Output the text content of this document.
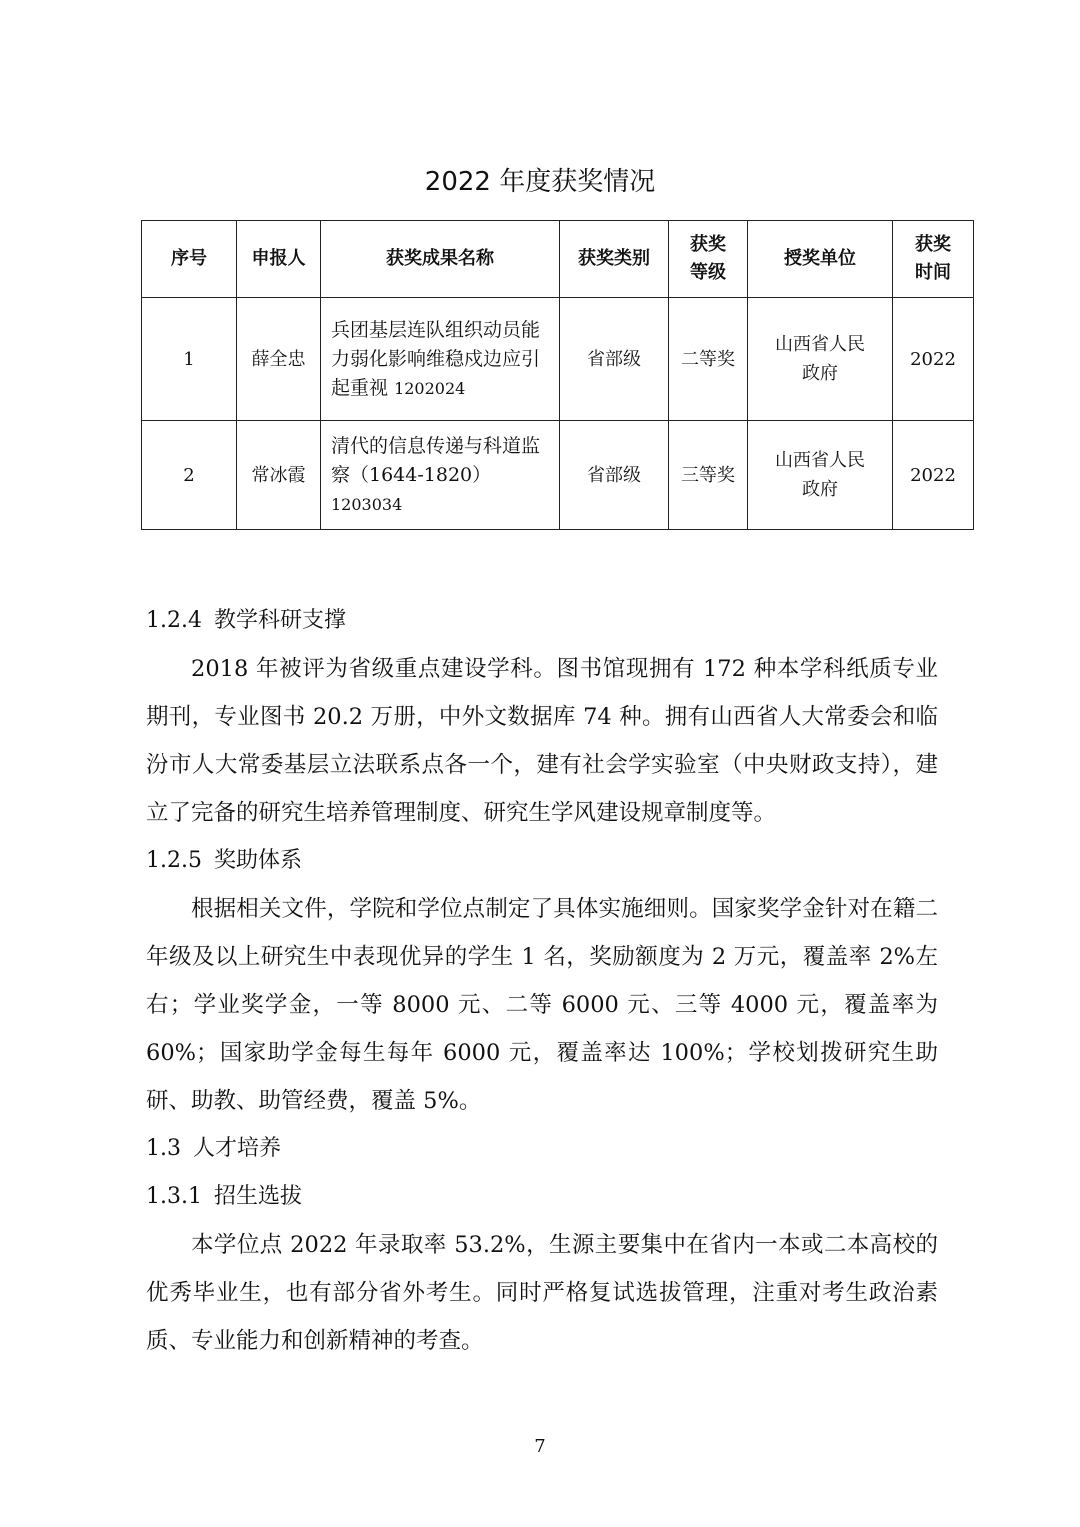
2022 年度获奖情况
序号	申报人	获奖成果名称	获奖类别	获奖等级	授奖单位	获奖时间
1	薛全忠	兵团基层连队组织动员能力弱化影响维稳戍边应引起重视 1202024	省部级	二等奖	山西省人民政府	2022
2	常冰霞	清代的信息传递与科道监察（1644-1820） 1203034	省部级	三等奖	山西省人民政府	2022
1.2.4 教学科研支撑

2018 年被评为省级重点建设学科。图书馆现拥有 172 种本学科纸质专业期刊，专业图书 20.2 万册，中外文数据库 74 种。拥有山西省人大常委会和临汾市人大常委基层立法联系点各一个，建有社会学实验室（中央财政支持），建立了完备的研究生培养管理制度、研究生学风建设规章制度等。

1.2.5 奖助体系

根据相关文件，学院和学位点制定了具体实施细则。国家奖学金针对在籍二年级及以上研究生中表现优异的学生 1 名，奖励额度为 2 万元，覆盖率 2%左右；学业奖学金，一等 8000 元、二等 6000 元、三等 4000 元，覆盖率为 60%；国家助学金每生每年 6000 元，覆盖率达 100%；学校划拨研究生助研、助教、助管经费，覆盖 5%。

1.3 人才培养
1.3.1 招生选拔

本学位点 2022 年录取率 53.2%，生源主要集中在省内一本或二本高校的优秀毕业生，也有部分省外考生。同时严格复试选拔管理，注重对考生政治素质、专业能力和创新精神的考查。

7
